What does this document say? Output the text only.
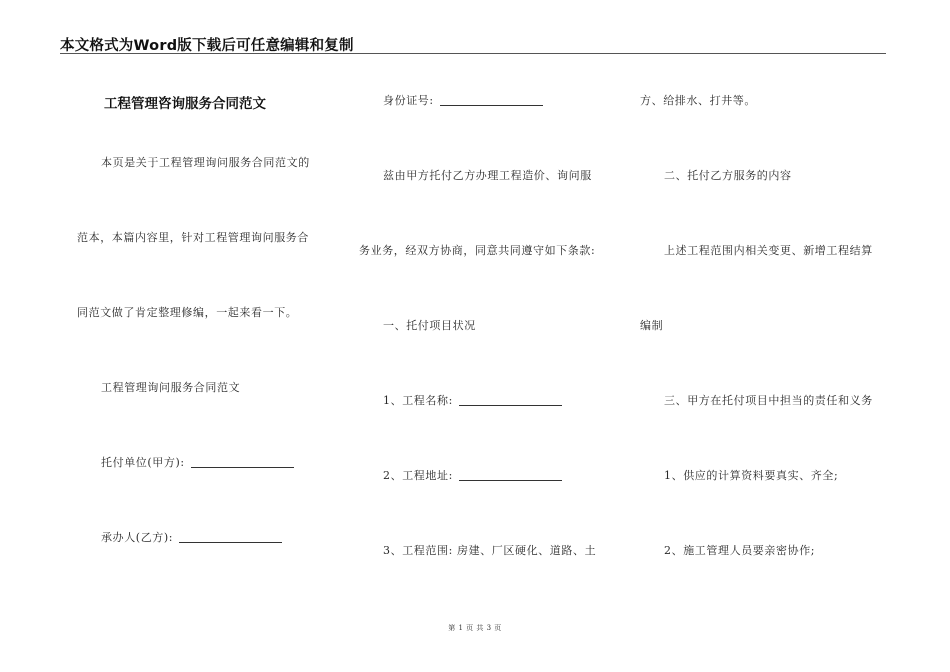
本文格式为Word版下载后可任意编辑和复制
工程管理咨询服务合同范文
本页是关于工程管理询问服务合同范文的
范本，本篇内容里，针对工程管理询问服务合
同范文做了肯定整理修编，一起来看一下。
工程管理询问服务合同范文
托付单位(甲方):
承办人(乙方):
身份证号:
兹由甲方托付乙方办理工程造价、询问服
务业务，经双方协商，同意共同遵守如下条款:
一、托付项目状况
1、工程名称:
2、工程地址:
3、工程范围: 房建、厂区硬化、道路、土
方、给排水、打井等。
二、托付乙方服务的内容
上述工程范围内相关变更、新增工程结算
编制
三、甲方在托付项目中担当的责任和义务
1、供应的计算资料要真实、齐全;
2、施工管理人员要亲密协作;
第 1 页 共 3 页
